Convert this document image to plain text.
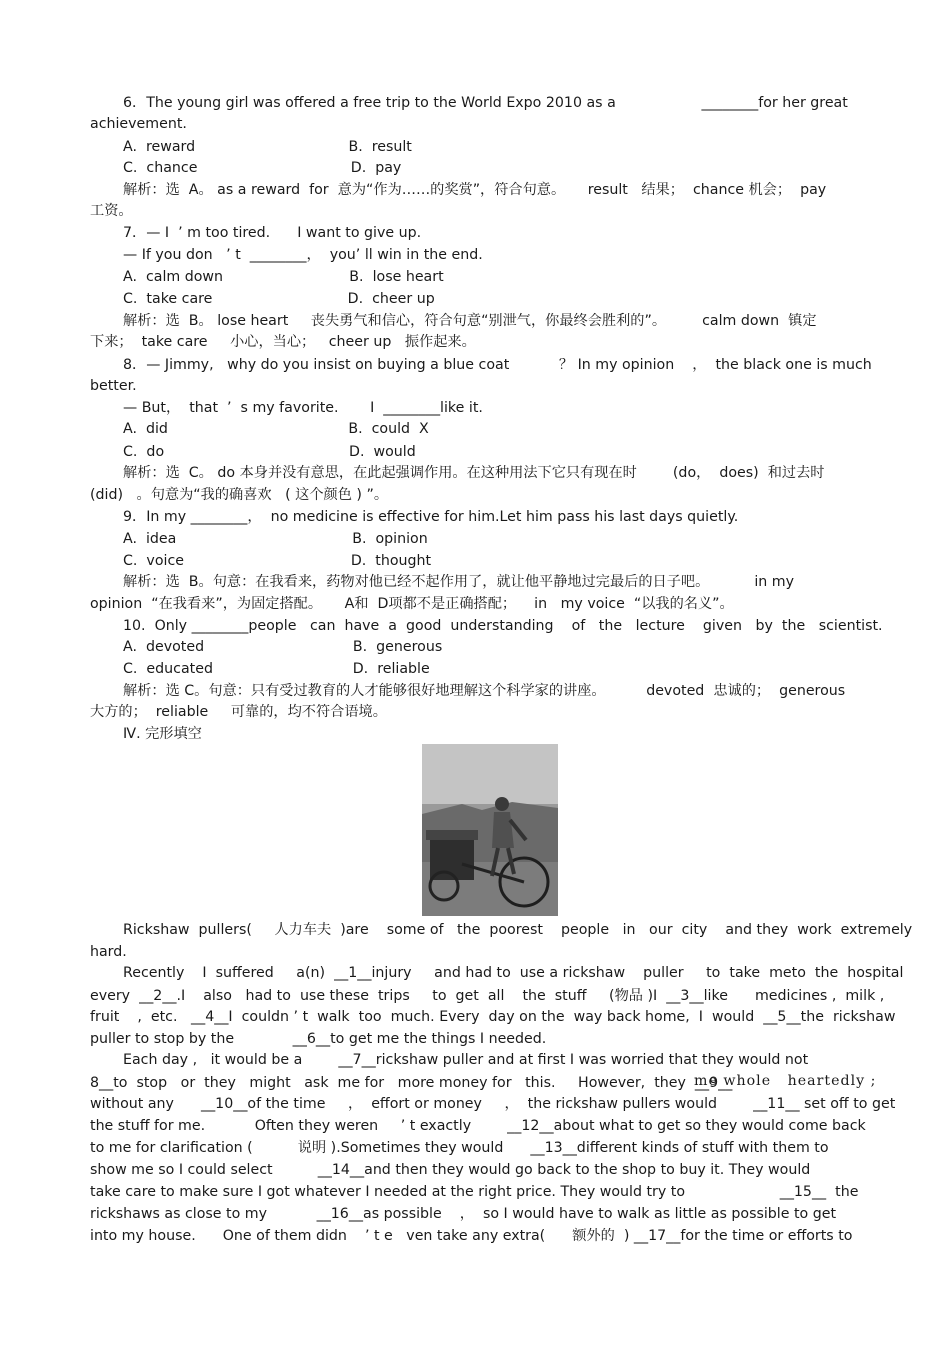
6．The young girl was offered a free trip to the World Expo 2010 as a                   ________for her great
achievement.
A.  reward                                  B.  result
C.  chance                                  D.  pay
解析：选  A。 as a reward  for  意为“作为……的奖赏”，符合句意。     result   结果；  chance 机会；  pay
工资。
7．— I  ’ m too tired.      I want to give up.
— If you don   ’ t  ________，  you’ ll win in the end.
A.  calm down                            B.  lose heart
C.  take care                              D.  cheer up
解析：选  B。 lose heart     丧失勇气和信心，符合句意“别泄气，你最终会胜利的”。        calm down  镇定
下来；  take care     小心，当心；   cheer up   振作起来。
8．— Jimmy,   why do you insist on buying a blue coat           ？ In my opinion    ，  the black one is much
better.
— But，  that  ’  s my favorite.       I  ________like it.
A.  did                                        B.  could  X
C.  do                                         D.  would
解析：选  C。 do 本身并没有意思，在此起强调作用。在这种用法下它只有现在时        (do，  does)  和过去时
(did)   。句意为“我的确喜欢   ( 这个颜色 ) ”。
9．In my ________，  no medicine is effective for him.Let him pass his last days quietly.
A.  idea                                       B.  opinion
C.  voice                                     D.  thought
解析：选  B。句意：在我看来，药物对他已经不起作用了，就让他平静地过完最后的日子吧。          in my
opinion  “在我看来”，为固定搭配。     A和  D项都不是正确搭配；    in   my voice  “以我的名义”。
10.  Only ________people   can  have  a  good  understanding    of   the   lecture    given   by  the   scientist.
A.  devoted                                 B.  generous
C.  educated                               D.  reliable
解析：选 C。句意：只有受过教育的人才能够很好地理解这个科学家的讲座。         devoted  忠诚的；  generous
大方的；  reliable     可靠的，均不符合语境。
Ⅳ. 完形填空
Rickshaw  pullers(     人力车夫  )are    some of   the  poorest    people   in   our  city    and they  work  extremely
hard.
Recently    I  suffered     a(n)  __1__injury     and had to  use a rickshaw    puller     to  take  meto  the  hospital
every  __2__.I    also   had to  use these  trips     to  get  all    the  stuff     (物品 )I  __3__like      medicines ,  milk ,
fruit    ,  etc.   __4__I  couldn ’ t  walk  too  much. Every  day on the  way back home,  I  would  __5__the  rickshaw
puller to stop by the             __6__to get me the things I needed.
Each day ,   it would be a        __7__rickshaw puller and at first I was worried that they would not
8__to  stop   or  they   might   ask  me for   more money for   this.     However,  they  __9__
without any      __10__of the time     ，  effort or money     ，  the rickshaw pullers would        __11__ set off to get
the stuff for me.           Often they weren     ’ t exactly        __12__about what to get so they would come back
to me for clarification (          说明 ).Sometimes they would      __13__different kinds of stuff with them to
show me so I could select          __14__and then they would go back to the shop to buy it. They would
take care to make sure I got whatever I needed at the right price. They would try to                     __15__  the
rickshaws as close to my           __16__as possible    ，  so I would have to walk as little as possible to get
into my house.      One of them didn    ’ t e   ven take any extra(      额外的  ) __17__for the time or efforts to
me whole   heartedly ;
